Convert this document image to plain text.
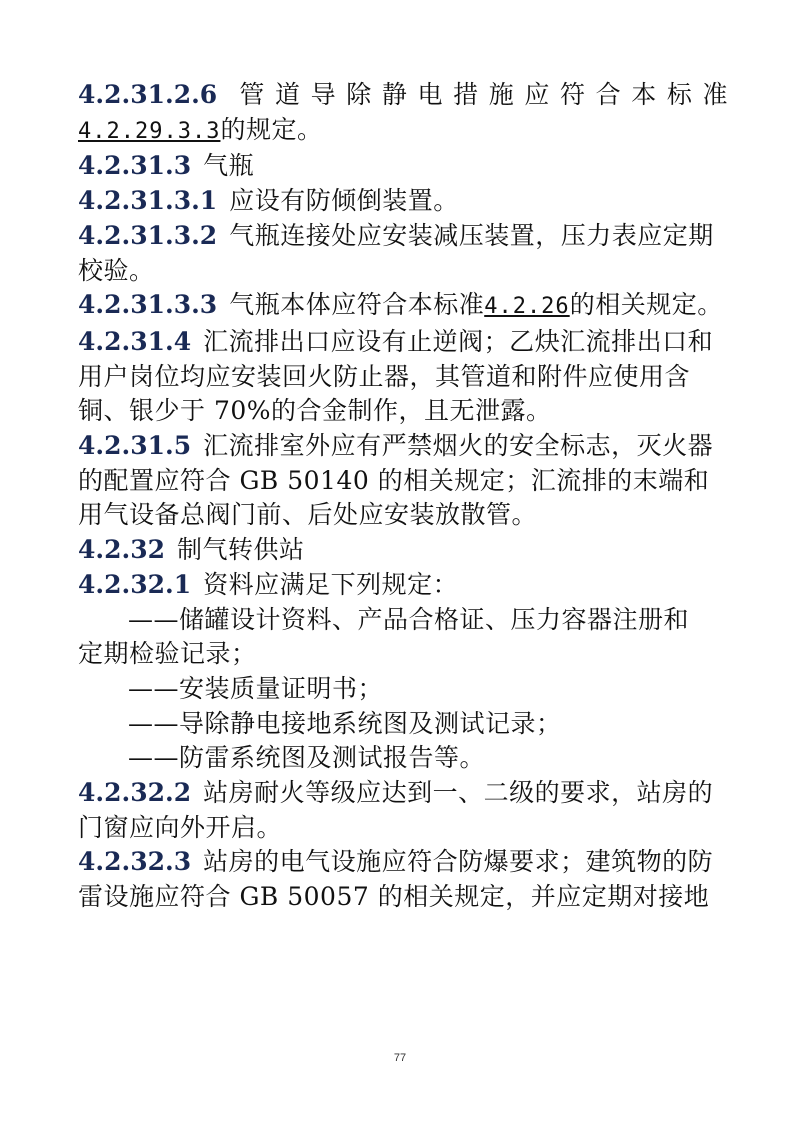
4.2.31.2.6 管道导除静电措施应符合本标准
4.2.29.3.3的规定。
4.2.31.3 气瓶
4.2.31.3.1 应设有防倾倒装置。
4.2.31.3.2 气瓶连接处应安装减压装置，压力表应定期
校验。
4.2.31.3.3 气瓶本体应符合本标准4.2.26的相关规定。
4.2.31.4 汇流排出口应设有止逆阀；乙炔汇流排出口和
用户岗位均应安装回火防止器，其管道和附件应使用含
铜、银少于 70%的合金制作，且无泄露。
4.2.31.5 汇流排室外应有严禁烟火的安全标志，灭火器
的配置应符合 GB 50140 的相关规定；汇流排的末端和
用气设备总阀门前、后处应安装放散管。
4.2.32 制气转供站
4.2.32.1 资料应满足下列规定：
——储罐设计资料、产品合格证、压力容器注册和
定期检验记录；
——安装质量证明书；
——导除静电接地系统图及测试记录；
——防雷系统图及测试报告等。
4.2.32.2 站房耐火等级应达到一、二级的要求，站房的
门窗应向外开启。
4.2.32.3 站房的电气设施应符合防爆要求；建筑物的防
雷设施应符合 GB 50057 的相关规定，并应定期对接地
77
